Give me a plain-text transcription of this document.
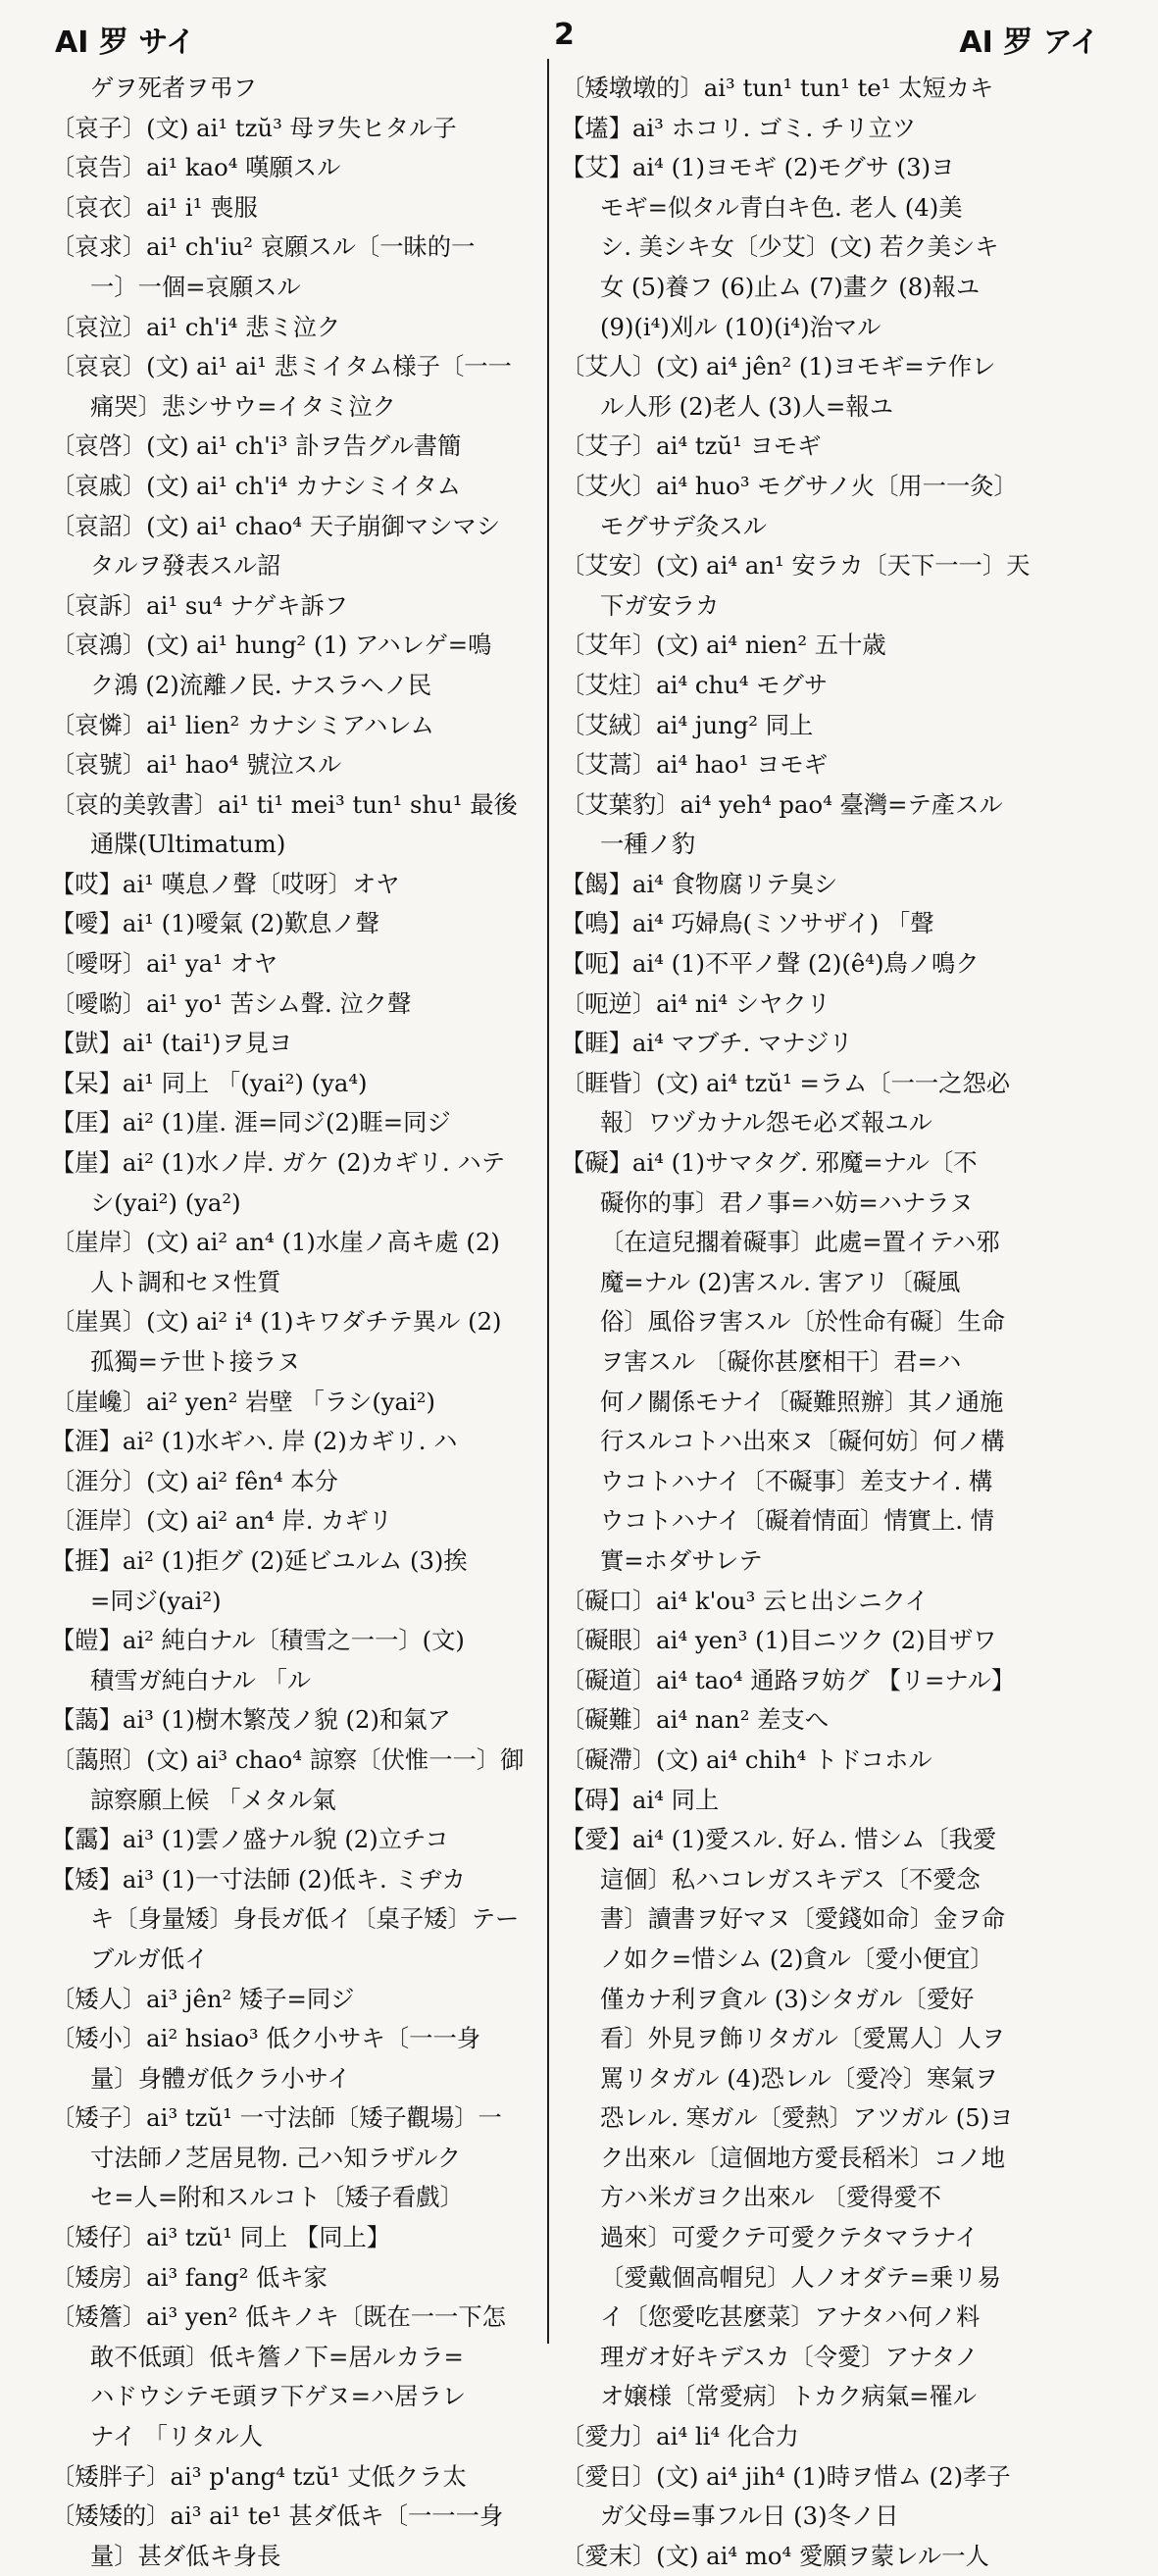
AI 罗 サイ	2	AI 罗 アイ
ゲヲ死者ヲ弔フ
〔哀子〕(文) ai¹ tzŭ³ 母ヲ失ヒタル子
〔哀告〕ai¹ kao⁴ 嘆願スル
〔哀衣〕ai¹ i¹ 喪服
〔哀求〕ai¹ ch'iu² 哀願スル〔一昧的一
一〕一個=哀願スル
〔哀泣〕ai¹ ch'i⁴ 悲ミ泣ク
〔哀哀〕(文) ai¹ ai¹ 悲ミイタム様子〔一一
痛哭〕悲シサウ=イタミ泣ク
〔哀啓〕(文) ai¹ ch'i³ 訃ヲ告グル書簡
〔哀戚〕(文) ai¹ ch'i⁴ カナシミイタム
〔哀詔〕(文) ai¹ chao⁴ 天子崩御マシマシ
タルヲ發表スル詔
〔哀訴〕ai¹ su⁴ ナゲキ訴フ
〔哀鴻〕(文) ai¹ hung² (1) アハレゲ=鳴
ク鴻 (2)流離ノ民. ナスラヘノ民
〔哀憐〕ai¹ lien² カナシミアハレム
〔哀號〕ai¹ hao⁴ 號泣スル
〔哀的美敦書〕ai¹ ti¹ mei³ tun¹ shu¹ 最後
通牒(Ultimatum)
【哎】ai¹ 嘆息ノ聲〔哎呀〕オヤ
【噯】ai¹ (1)噯氣 (2)歎息ノ聲
〔噯呀〕ai¹ ya¹ オヤ
〔噯喲〕ai¹ yo¹ 苦シム聲. 泣ク聲
【獃】ai¹ (tai¹)ヲ見ヨ
【呆】ai¹ 同上 「(yai²) (ya⁴)
【厓】ai² (1)崖. 涯=同ジ(2)睚=同ジ
【崖】ai² (1)水ノ岸. ガケ (2)カギリ. ハテ
シ(yai²) (ya²)
〔崖岸〕(文) ai² an⁴ (1)水崖ノ高キ處 (2)
人ト調和セヌ性質
〔崖異〕(文) ai² i⁴ (1)キワダチテ異ル (2)
孤獨=テ世ト接ラヌ
〔崖巉〕ai² yen² 岩壁 「ラシ(yai²)
【涯】ai² (1)水ギハ. 岸 (2)カギリ. ハ
〔涯分〕(文) ai² fên⁴ 本分
〔涯岸〕(文) ai² an⁴ 岸. カギリ
【捱】ai² (1)拒グ (2)延ビユルム (3)挨
=同ジ(yai²)
【皚】ai² 純白ナル〔積雪之一一〕(文)
積雪ガ純白ナル 「ル
【藹】ai³ (1)樹木繁茂ノ貌 (2)和氣ア
〔藹照〕(文) ai³ chao⁴ 諒察〔伏惟一一〕御
諒察願上候 「メタル氣
【靄】ai³ (1)雲ノ盛ナル貌 (2)立チコ
【矮】ai³ (1)一寸法師 (2)低キ. ミヂカ
キ〔身量矮〕身長ガ低イ〔桌子矮〕テー
ブルガ低イ
〔矮人〕ai³ jên² 矮子=同ジ
〔矮小〕ai² hsiao³ 低ク小サキ〔一一身
量〕身體ガ低クラ小サイ
〔矮子〕ai³ tzŭ¹ 一寸法師〔矮子觀場〕一
寸法師ノ芝居見物. 己ハ知ラザルク
セ=人=附和スルコト〔矮子看戲〕
〔矮仔〕ai³ tzŭ¹ 同上 【同上】
〔矮房〕ai³ fang² 低キ家
〔矮簷〕ai³ yen² 低キノキ〔既在一一下怎
敢不低頭〕低キ簷ノ下=居ルカラ=
ハドウシテモ頭ヲ下ゲヌ=ハ居ラレ
ナイ 「リタル人
〔矮胖子〕ai³ p'ang⁴ tzŭ¹ 丈低クラ太
〔矮矮的〕ai³ ai¹ te¹ 甚ダ低キ〔一一一身
量〕甚ダ低キ身長
〔矮墩墩的〕ai³ tun¹ tun¹ te¹ 太短カキ
【壒】ai³ ホコリ. ゴミ. チリ立ツ
【艾】ai⁴ (1)ヨモギ (2)モグサ (3)ヨ
モギ=似タル青白キ色. 老人 (4)美
シ. 美シキ女〔少艾〕(文) 若ク美シキ
女 (5)養フ (6)止ム (7)畫ク (8)報ユ
(9)(i⁴)刈ル (10)(i⁴)治マル
〔艾人〕(文) ai⁴ jên² (1)ヨモギ=テ作レ
ル人形 (2)老人 (3)人=報ユ
〔艾子〕ai⁴ tzŭ¹ ヨモギ
〔艾火〕ai⁴ huo³ モグサノ火〔用一一灸〕
モグサデ灸スル
〔艾安〕(文) ai⁴ an¹ 安ラカ〔天下一一〕天
下ガ安ラカ
〔艾年〕(文) ai⁴ nien² 五十歳
〔艾炷〕ai⁴ chu⁴ モグサ
〔艾絨〕ai⁴ jung² 同上
〔艾蒿〕ai⁴ hao¹ ヨモギ
〔艾葉豹〕ai⁴ yeh⁴ pao⁴ 臺灣=テ產スル
一種ノ豹
【餲】ai⁴ 食物腐リテ臭シ
【鳴】ai⁴ 巧婦鳥(ミソサザイ) 「聲
【呃】ai⁴ (1)不平ノ聲 (2)(ê⁴)鳥ノ鳴ク
〔呃逆〕ai⁴ ni⁴ シヤクリ
【睚】ai⁴ マブチ. マナジリ
〔睚眥〕(文) ai⁴ tzŭ¹ =ラム〔一一之怨必
報〕ワヅカナル怨モ必ズ報ユル
【礙】ai⁴ (1)サマタグ. 邪魔=ナル〔不
礙你的事〕君ノ事=ハ妨=ハナラヌ
〔在這兒擱着礙事〕此處=置イテハ邪
魔=ナル (2)害スル. 害アリ〔礙風
俗〕風俗ヲ害スル〔於性命有礙〕生命
ヲ害スル 〔礙你甚麼相干〕君=ハ
何ノ關係モナイ〔礙難照辦〕其ノ通施
行スルコトハ出來ヌ〔礙何妨〕何ノ構
ウコトハナイ〔不礙事〕差支ナイ. 構
ウコトハナイ〔礙着情面〕情實上. 情
實=ホダサレテ
〔礙口〕ai⁴ k'ou³ 云ヒ出シニクイ
〔礙眼〕ai⁴ yen³ (1)目ニツク (2)目ザワ
〔礙道〕ai⁴ tao⁴ 通路ヲ妨グ 【リ=ナル】
〔礙難〕ai⁴ nan² 差支へ
〔礙滯〕(文) ai⁴ chih⁴ トドコホル
【碍】ai⁴ 同上
【愛】ai⁴ (1)愛スル. 好ム. 惜シム〔我愛
這個〕私ハコレガスキデス〔不愛念
書〕讀書ヲ好マヌ〔愛錢如命〕金ヲ命
ノ如ク=惜シム (2)貪ル〔愛小便宜〕
僅カナ利ヲ貪ル (3)シタガル〔愛好
看〕外見ヲ飾リタガル〔愛罵人〕人ヲ
罵リタガル (4)恐レル〔愛冷〕寒氣ヲ
恐レル. 寒ガル〔愛熱〕アツガル (5)ヨ
ク出來ル〔這個地方愛長稻米〕コノ地
方ハ米ガヨク出來ル 〔愛得愛不
過來〕可愛クテ可愛クテタマラナイ
〔愛戴個高帽兒〕人ノオダテ=乗リ易
イ〔您愛吃甚麼菜〕アナタハ何ノ料
理ガオ好キデスカ〔令愛〕アナタノ
オ嬢様〔常愛病〕トカク病氣=罹ル
〔愛力〕ai⁴ li⁴ 化合力
〔愛日〕(文) ai⁴ jih⁴ (1)時ヲ惜ム (2)孝子
ガ父母=事フル日 (3)冬ノ日
〔愛末〕(文) ai⁴ mo⁴ 愛願ヲ蒙レル一人
